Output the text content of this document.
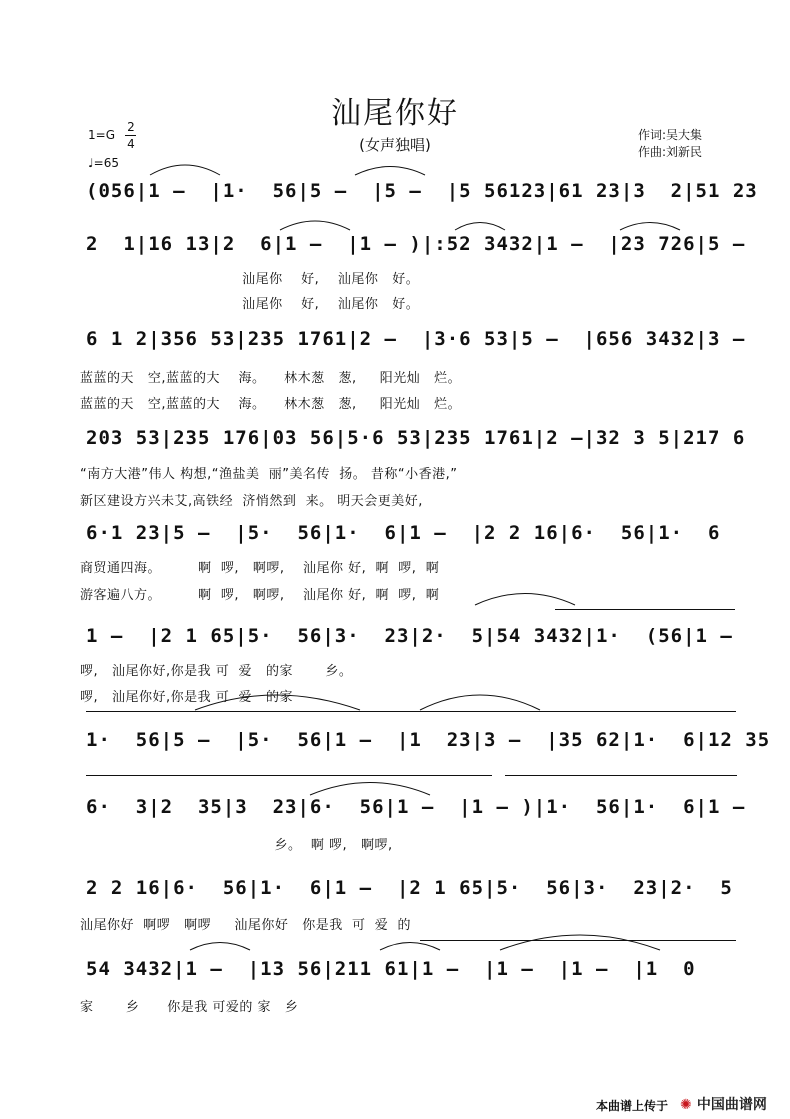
汕尾你好
(女声独唱)
1=G
2
4
♩=65
作词:吴大集
作曲:刘新民
(056|1 –  |1·  56|5 –  |5 –  |5 56123|61 23|3  2|51 23
2  1|16 13|2  6|1 –  |1 – )|:52 3432|1 –  |23 726|5 –
汕尾你    好,    汕尾你   好。
汕尾你    好,    汕尾你   好。
6 1 2|356 53|235 1761|2 –  |3·6 53|5 –  |656 3432|3 –
蓝蓝的天   空,蓝蓝的大    海。    林木葱   葱,     阳光灿   烂。
蓝蓝的天   空,蓝蓝的大    海。    林木葱   葱,     阳光灿   烂。
203 53|235 176|03 56|5·6 53|235 1761|2 –|32 3 5|217 6
“南方大港”伟人 构想,“渔盐美  丽”美名传  扬。 昔称“小香港,”
新区建设方兴未艾,高铁经  济悄然到  来。 明天会更美好,
6·1 23|5 –  |5·  56|1·  6|1 –  |2 2 16|6·  56|1·  6
商贸通四海。        啊  啰,   啊啰,    汕尾你 好,  啊  啰,  啊
游客遍八方。        啊  啰,   啊啰,    汕尾你 好,  啊  啰,  啊
1 –  |2 1 65|5·  56|3·  23|2·  5|54 3432|1·  (56|1 –
啰,   汕尾你好,你是我 可  爱   的家       乡。
啰,   汕尾你好,你是我 可  爱   的家
1·  56|5 –  |5·  56|1 –  |1  23|3 –  |35 62|1·  6|12 35
6·  3|2  35|3  23|6·  56|1 –  |1 – )|1·  56|1·  6|1 –
乡。  啊 啰,   啊啰,
2 2 16|6·  56|1·  6|1 –  |2 1 65|5·  56|3·  23|2·  5
汕尾你好  啊啰   啊啰     汕尾你好   你是我  可  爱  的
54 3432|1 –  |13 56|211 61|1 –  |1 –  |1 –  |1  0
家       乡      你是我 可爱的 家   乡
本曲谱上传于 ✺ 中国曲谱网
